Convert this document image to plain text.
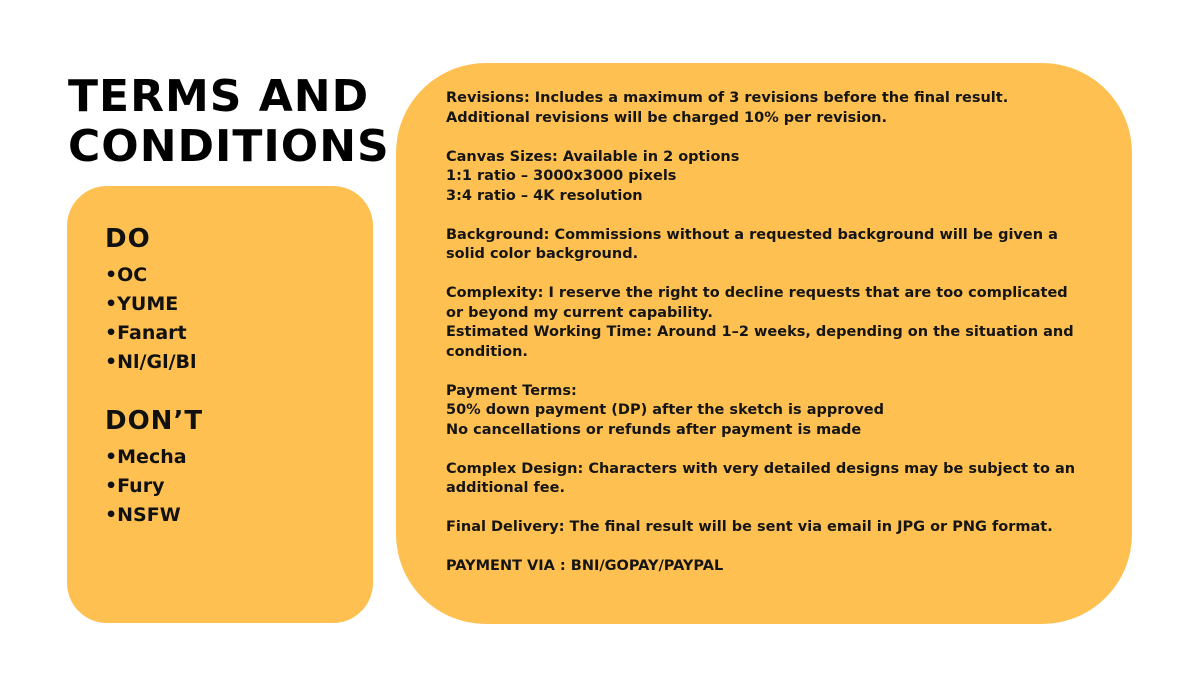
TERMS AND
CONDITIONS
DO
•OC
•YUME
•Fanart
•Nl/Gl/Bl
DON’T
•Mecha
•Fury
•NSFW

Revisions: Includes a maximum of 3 revisions before the final result. Additional revisions will be charged 10% per revision.

Canvas Sizes: Available in 2 options
1:1 ratio – 3000x3000 pixels
3:4 ratio – 4K resolution

Background: Commissions without a requested background will be given a solid color background.

Complexity: I reserve the right to decline requests that are too complicated or beyond my current capability.
Estimated Working Time: Around 1–2 weeks, depending on the situation and condition.

Payment Terms:
50% down payment (DP) after the sketch is approved
No cancellations or refunds after payment is made

Complex Design: Characters with very detailed designs may be subject to an additional fee.

Final Delivery: The final result will be sent via email in JPG or PNG format.

PAYMENT VIA : BNI/GOPAY/PAYPAL
